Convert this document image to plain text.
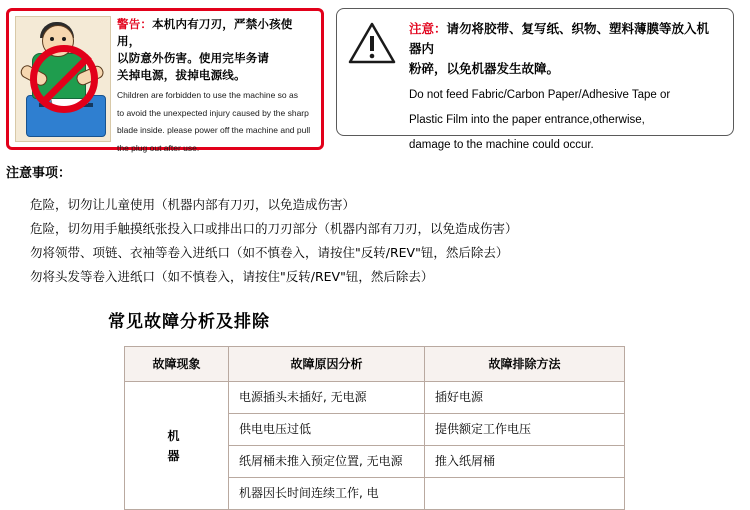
警告：本机内有刀刃，严禁小孩使用，
以防意外伤害。使用完毕务请
关掉电源，拔掉电源线。
Children are forbidden to use the machine so as
to avoid the unexpected injury caused by the sharp
blade inside. please power off the machine and pull
the plug out after use.
注意：请勿将胶带、复写纸、织物、塑料薄膜等放入机器内
粉碎，以免机器发生故障。
Do not feed Fabric/Carbon Paper/Adhesive Tape or
Plastic Film into the paper entrance,otherwise,
damage to the machine could occur.
注意事项：
危险，切勿让儿童使用（机器内部有刀刃，以免造成伤害）
危险，切勿用手触摸纸张投入口或排出口的刀刃部分（机器内部有刀刃，以免造成伤害）
勿将领带、项链、衣袖等卷入进纸口（如不慎卷入，请按住"反转/REV"钮，然后除去）
勿将头发等卷入进纸口（如不慎卷入，请按住"反转/REV"钮，然后除去）
常见故障分析及排除
故障现象	故障原因分析	故障排除方法

机
器	电源插头未插好, 无电源	插好电源
	供电电压过低	提供额定工作电压
	纸屑桶未推入预定位置, 无电源	推入纸屑桶
	机器因长时间连续工作, 电	
